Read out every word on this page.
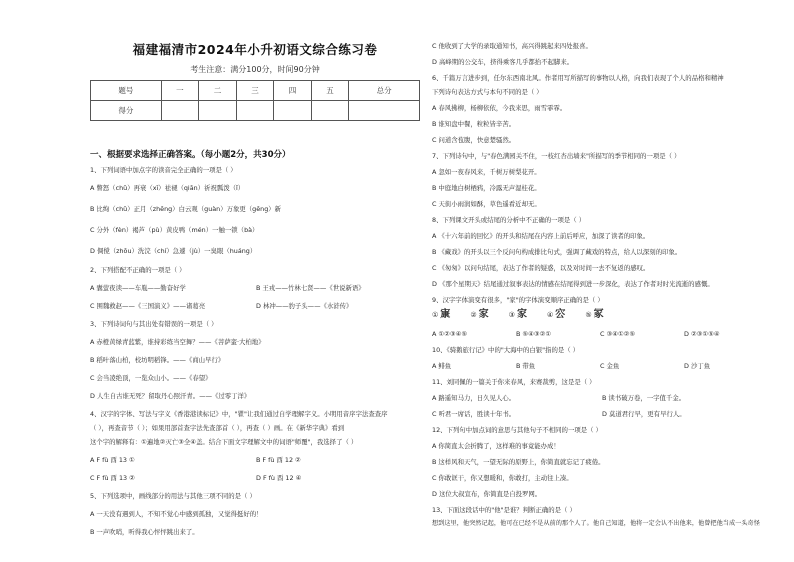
福建福清市2024年小升初语文综合练习卷
考生注意：满分100分，时间90分钟
题号	一	二	三	四	五	总分
得分						
一、根据要求选择正确答案。（每小题2分，共30分）
1、下列词语中加点字的读音完全正确的一项是（ ）
A 瞥怒（chǔ）再衰（xī）祛褪（qiān）祈祝瓢泼（ǐ）
B 比绚（chǔ）正月（zhēng）白云观（guàn）万象更（gēng）新
C 分外（fèn）褐芦（pù）黄皮鸭（mén）一触一锁（bà）
D 倜傥（zhōu）洗浣（chí）急遽（jù）一臭眼（huáng）
2、下列搭配不正确的一项是（ ）
A 囊萤夜读——车胤——勤奋好学	B 王戎——竹林七贤——《世说新语》
C 围魏救赵——《三国演义》——诸葛亮	D 林冲——豹子头——《水浒传》
3、下列诗词句与其出处有错误的一项是（ ）
A 赤橙黄绿青蓝紫，谁持彩练当空舞？——《菩萨蛮·大柏地》
B 稻叶落山柏，校坊明稻锋。——《商山早行》
C 会当凌绝顶，一览众山小。——《春望》
D 人生自古谁无死？留取丹心照汗青。——《过零丁洋》
4、汉字的字体、写法与字义《香港港读标记》中，"瞿"让我们通过自学理解字义。小明用音序字法查查序
（ ），再查音节（ ）；如果用部首查字法先查部首（ ），再查（ ）画。在《新华字典》看到
这个字的解释有：①遍地②灭亡③全④盖。结合下面文字理解文中的词语"师覆"，我选择了（ ）
A F fù 酉 13 ①	B F fù 酉 12 ②
C F fù 酉 13 ②	D F fù 酉 12 ④
5、下列选项中，画线部分的用法与其他三项不同的是（ ）
A 一天没有遇到人，不知不觉心中感到孤独，又觉得挺好的！
B 一声吹哨，听得我心怦怦跳出来了。
C 他收到了大学的录取通知书，高兴得跳起来四处报喜。
D 高峰期的公交车，挤得乘客几乎都抬不起脚来。
6、千篇万言进步到，任尔东西南北风。作者用写所描写的事物以人格，向我们表现了个人的品格和精神
下列诗句表达方式与本句不同的是（ ）
A 春风拂柳，杨柳依依，今我来思，雨雪霏霏。
B 谁知盘中餐，粒粒皆辛苦。
C 问道含苞腹，快意楚骚然。
7、下列诗句中，与"春色满园关不住，一枝红杏出墙来"所描写的季节相同的一项是（ ）
A 忽如一夜春风来，千树万树梨花开。
B 中庭地白树栖鸦，冷露无声湿桂花。
C 天街小雨润如酥，草色遥看近却无。
8、下列课文开头或结尾的分析中不正确的一项是（ ）
A 《十六年前的回忆》的开头和结尾在内容上前后呼应，加深了读者的印象。
B 《藏戏》的开头以三个反问句构成排比句式，强调了藏戏的特点，给人以深刻的印象。
C 《匆匆》以问句结尾，表达了作者的疑惑，以及对时间一去不复返的感叹。
D 《那个星期天》结尾通过叙事表达的情感在结尾得到进一步深化，表达了作者对时光流逝的感慨。
9、汉字字体演变有很多，"家"的字体演变顺序正确的是（ ）
① 㝩	② 家	③ 家	④ 㝐	⑤ 冢
A ①②③④⑤	B ⑤④③②①	C ③④①②⑤	D ②③①⑤④
10、《骑鹅旅行记》中的"大海中的白银"指的是（ ）
A 鲱鱼	B 带鱼	C 金鱼	D 沙丁鱼
11、刘同佩的一篇关于你来春风，来赛裁剪，这是是（ ）
A 路遥知马力，日久见人心。	B 读书破万卷，一字值千金。
C 听君一席话，胜读十年书。	D 莫道君行早，更有早行人。
12、下列句中加点词的意思与其他句子不相同的一项是（ ）
A 你简直太会折腾了，这样难的事竟能办成！
B 这样风和天气，一望无际的原野上，你简直就忘记了疲倦。
C 你敢诓干，你又想暖和，你敢打，主动往上凑。
D 这位大叔宣布，你简直是自投罗网。
13、下面这段话中的"他"是谁？判断正确的是（ ）
想到这里，他突然记起，他可在已经不是从前的那个人了。他自己知道，他将一定会认不出他来，他曾把他当成一头奇怪
